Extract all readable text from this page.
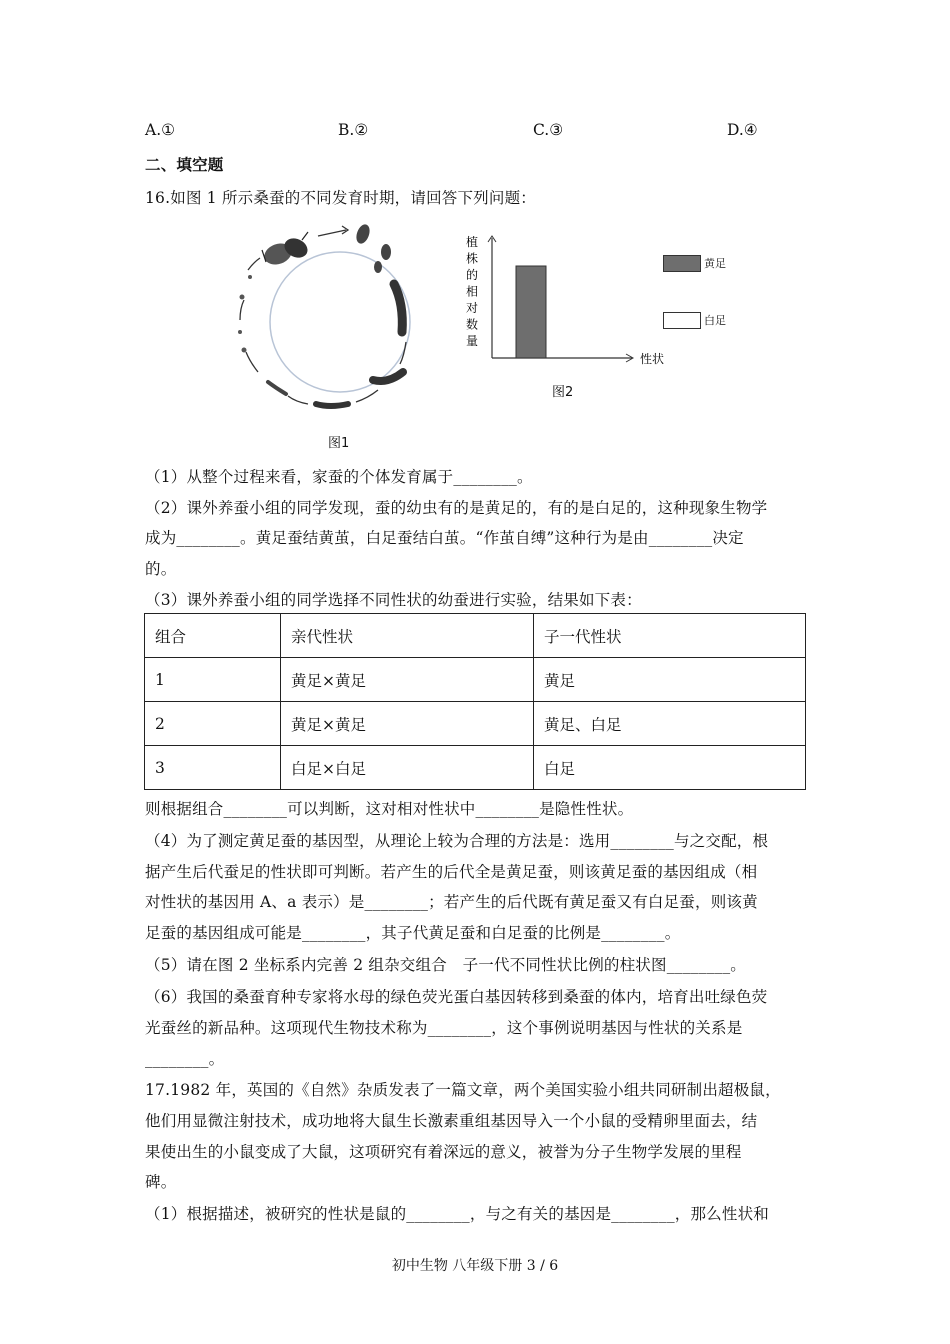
A.①	B.②	C.③	D.④
二、填空题
16.如图 1 所示桑蚕的不同发育时期，请回答下列问题：
图1
植
株
的
相
对
数
量
性状
黄足
白足
图2
（1）从整个过程来看，家蚕的个体发育属于________。
（2）课外养蚕小组的同学发现，蚕的幼虫有的是黄足的，有的是白足的，这种现象生物学
成为________。黄足蚕结黄茧，白足蚕结白茧。“作茧自缚”这种行为是由________决定
的。
（3）课外养蚕小组的同学选择不同性状的幼蚕进行实验，结果如下表：
组合	亲代性状	子一代性状
1	黄足×黄足	黄足
2	黄足×黄足	黄足、白足
3	白足×白足	白足
则根据组合________可以判断，这对相对性状中________是隐性性状。
（4）为了测定黄足蚕的基因型，从理论上较为合理的方法是：选用________与之交配，根
据产生后代蚕足的性状即可判断。若产生的后代全是黄足蚕，则该黄足蚕的基因组成（相
对性状的基因用 A、a 表示）是________；若产生的后代既有黄足蚕又有白足蚕，则该黄
足蚕的基因组成可能是________，其子代黄足蚕和白足蚕的比例是________。
（5）请在图 2 坐标系内完善 2 组杂交组合　子一代不同性状比例的柱状图________。
（6）我国的桑蚕育种专家将水母的绿色荧光蛋白基因转移到桑蚕的体内，培育出吐绿色荧
光蚕丝的新品种。这项现代生物技术称为________，这个事例说明基因与性状的关系是
________。
17.1982 年，英国的《自然》杂质发表了一篇文章，两个美国实验小组共同研制出超极鼠，
他们用显微注射技术，成功地将大鼠生长激素重组基因导入一个小鼠的受精卵里面去，结
果使出生的小鼠变成了大鼠，这项研究有着深远的意义，被誉为分子生物学发展的里程
碑。
（1）根据描述，被研究的性状是鼠的________，与之有关的基因是________，那么性状和
初中生物 八年级下册 3 / 6
